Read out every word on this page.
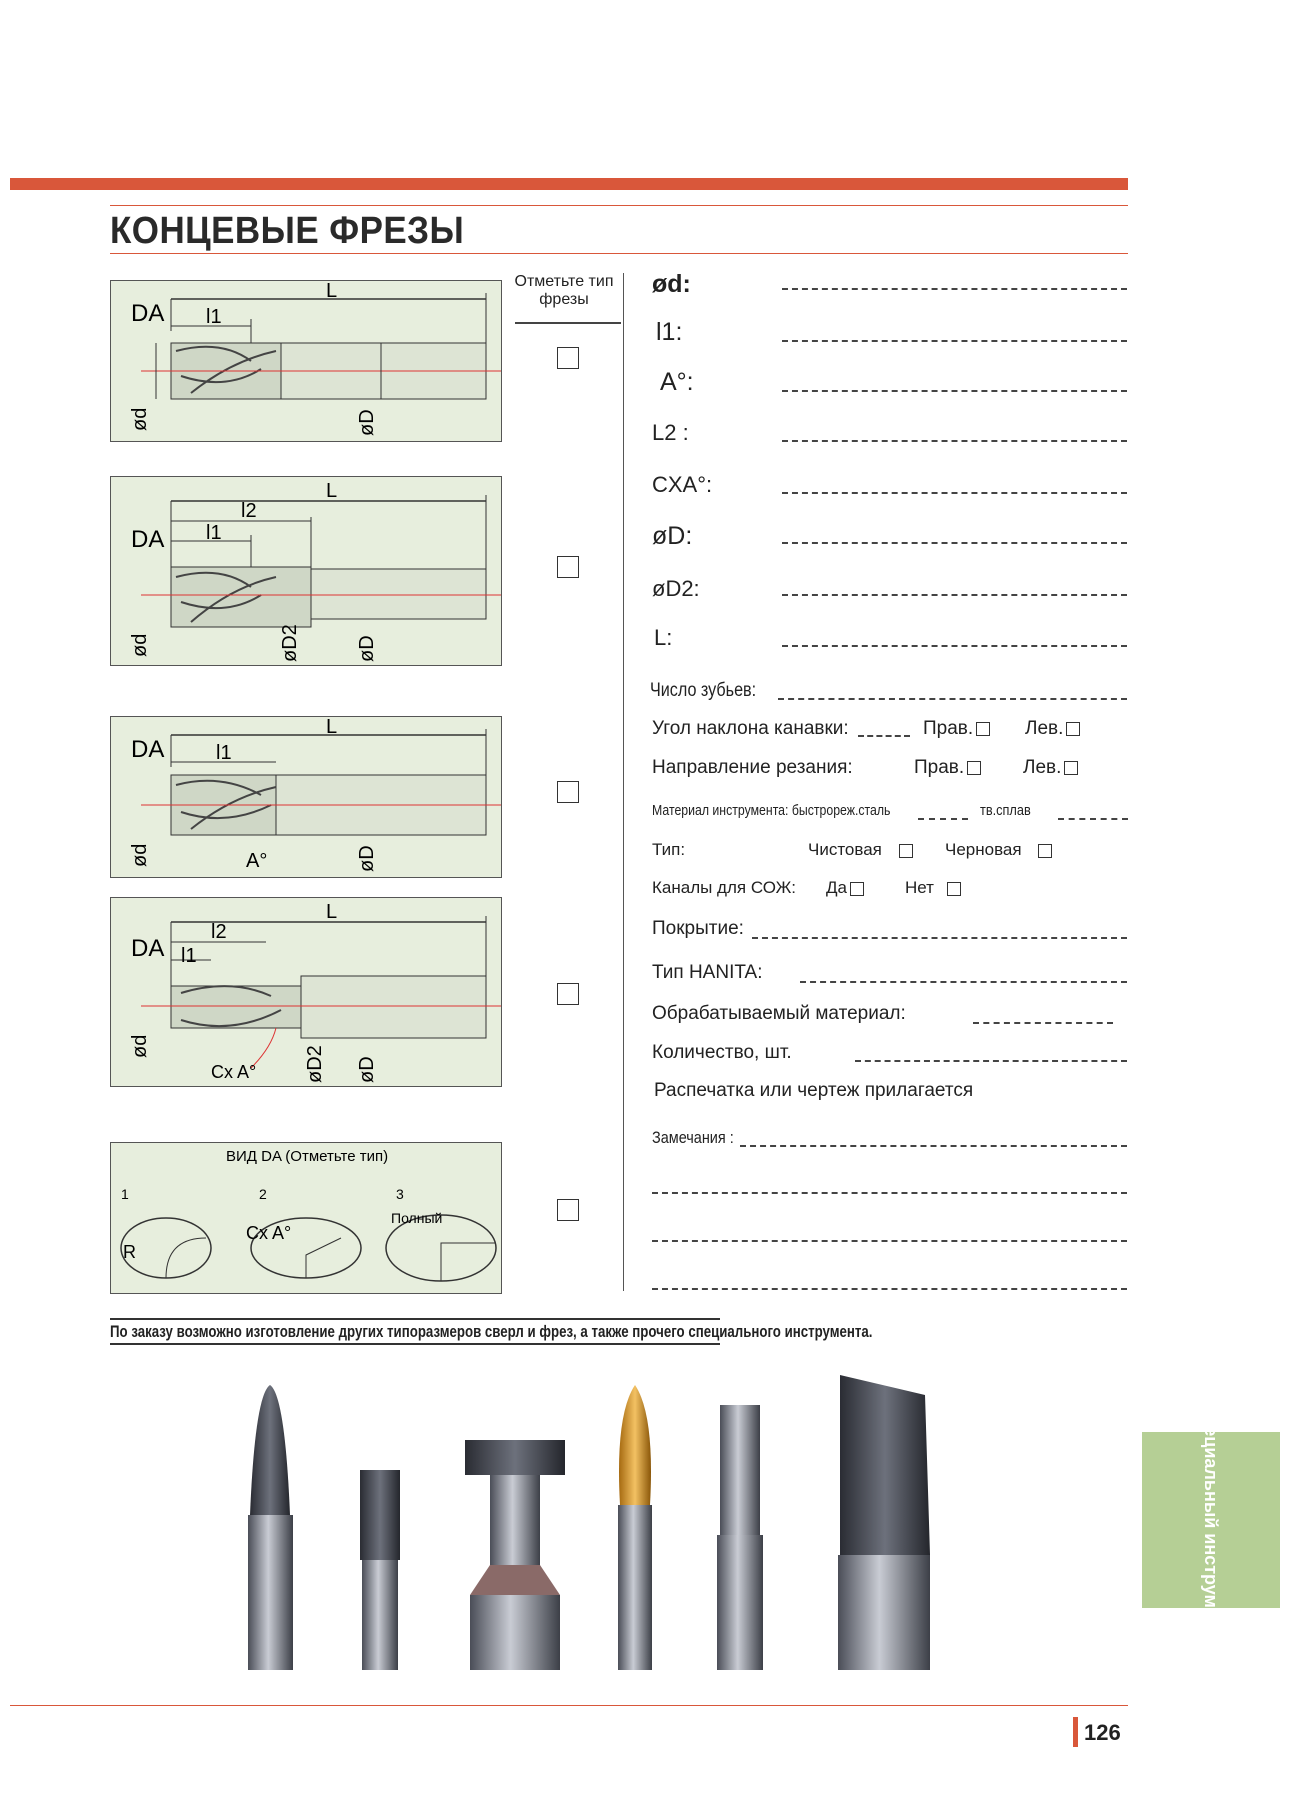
КОНЦЕВЫЕ ФРЕЗЫ
Отметьте тип фрезы
DA l1
L
ød	øD
DA l1
l2
L
ød	øD2	øD
DA	l1
L
ød	A°	øD
DA l1
l2
L
ød
Cx A° øD2 øD
ВИД DA (Отметьте тип)
1	2	3
R
Cx A°
Полный
ød:
l1:
A°:
L2 :
CXA°:
øD:
øD2:
L:
Число зубьев:
Угол наклона канавки:	Прав.	Лев.
Направление резания:	Прав.	Лев.
Материал инструмента: быстрореж.сталь	тв.сплав
Тип:	Чистовая	Черновая
Каналы для СОЖ: Да	Нет
Покрытие:
Тип HANITA:
Обрабатываемый материал:
Количество, шт.
Распечатка или чертеж прилагается
Замечания :
По заказу возможно изготовление других типоразмеров сверл и фрез, а также прочего специального инструмента.
Специальный инструмент
126
